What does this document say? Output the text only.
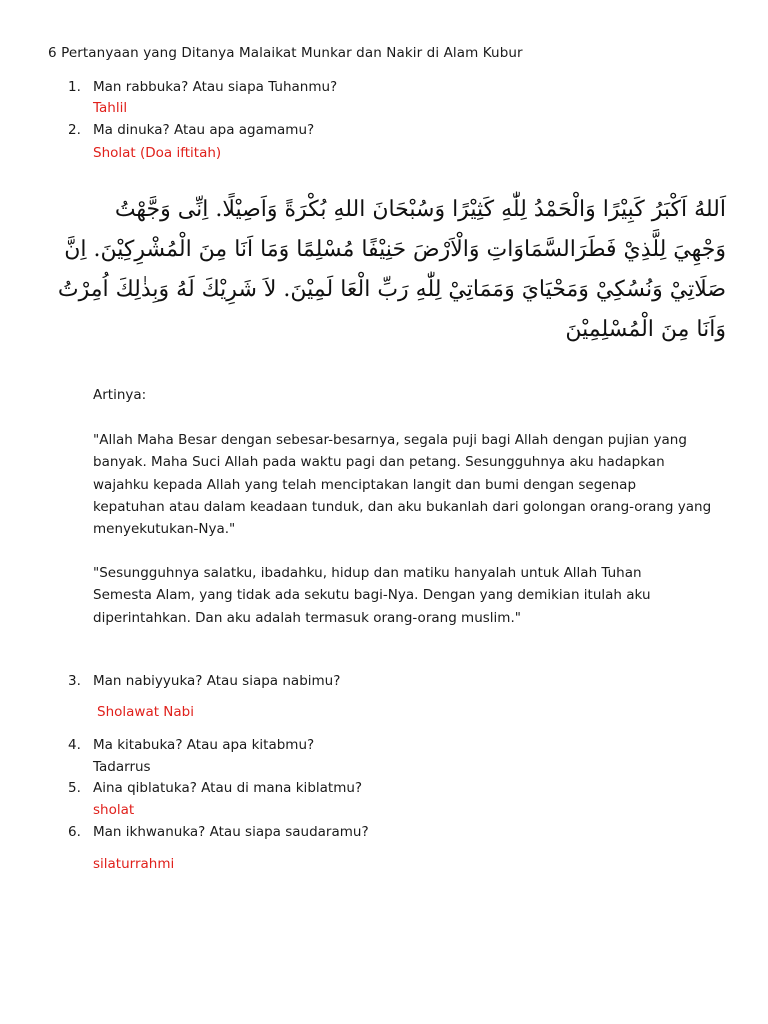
6 Pertanyaan yang Ditanya Malaikat Munkar dan Nakir di Alam Kubur
1. Man rabbuka? Atau siapa Tuhanmu?
Tahlil
2. Ma dinuka? Atau apa agamamu?
Sholat (Doa iftitah)
اَللهُ اَكْبَرُ كَبِيْرًا وَالْحَمْدُ لِلّٰهِ كَثِيْرًا وَسُبْحَانَ اللهِ بُكْرَةً وَاَصِيْلًا. اِنِّى وَجَّهْتُ
وَجْهِيَ لِلَّذِيْ فَطَرَالسَّمَاوَاتِ وَالْاَرْضَ حَنِيْفًا مُسْلِمًا وَمَا اَنَا مِنَ الْمُشْرِكِيْنَ. اِنَّ
صَلَاتِيْ وَنُسُكِيْ وَمَحْيَايَ وَمَمَاتِيْ لِلّٰهِ رَبِّ الْعَا لَمِيْنَ. لاَ شَرِيْكَ لَهُ وَبِذٰلِكَ اُمِرْتُ
وَاَنَا مِنَ الْمُسْلِمِيْنَ
Artinya:
"Allah Maha Besar dengan sebesar-besarnya, segala puji bagi Allah dengan pujian yang
banyak. Maha Suci Allah pada waktu pagi dan petang. Sesungguhnya aku hadapkan
wajahku kepada Allah yang telah menciptakan langit dan bumi dengan segenap
kepatuhan atau dalam keadaan tunduk, dan aku bukanlah dari golongan orang-orang yang
menyekutukan-Nya."
"Sesungguhnya salatku, ibadahku, hidup dan matiku hanyalah untuk Allah Tuhan
Semesta Alam, yang tidak ada sekutu bagi-Nya. Dengan yang demikian itulah aku
diperintahkan. Dan aku adalah termasuk orang-orang muslim."
3. Man nabiyyuka? Atau siapa nabimu?
Sholawat Nabi
4. Ma kitabuka? Atau apa kitabmu?
Tadarrus
5. Aina qiblatuka? Atau di mana kiblatmu?
sholat
6. Man ikhwanuka? Atau siapa saudaramu?
silaturrahmi
